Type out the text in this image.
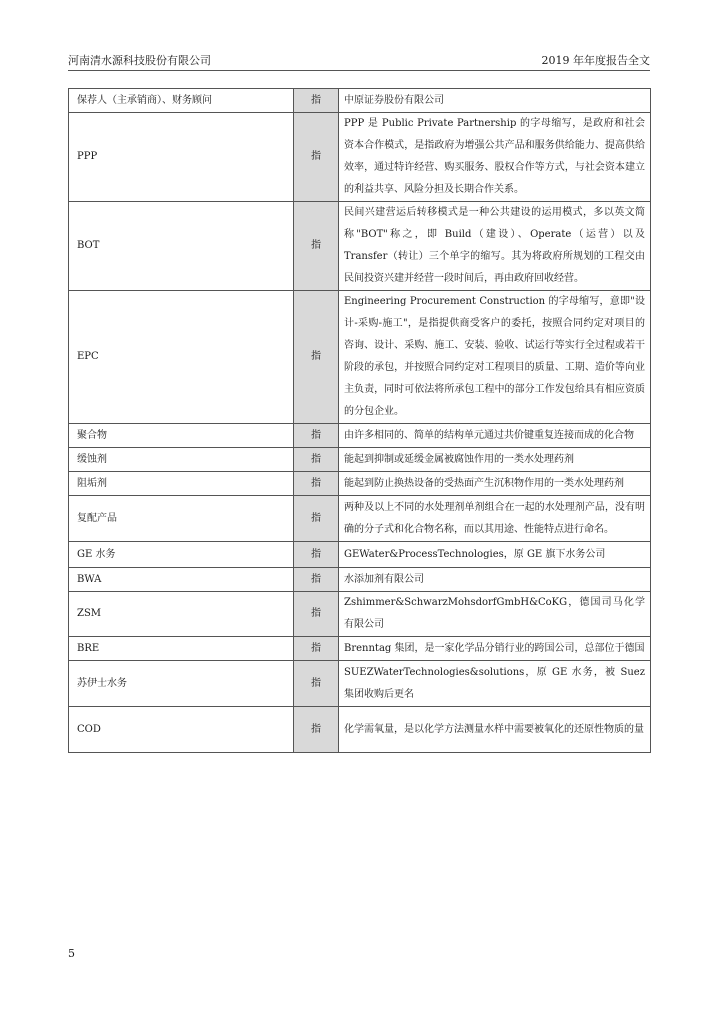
河南清水源科技股份有限公司	2019 年年度报告全文
保荐人（主承销商）、财务顾问	指	中原证券股份有限公司
PPP	指	PPP 是 Public Private Partnership 的字母缩写，是政府和社会资本合作模式，是指政府为增强公共产品和服务供给能力、提高供给效率，通过特许经营、购买服务、股权合作等方式，与社会资本建立的利益共享、风险分担及长期合作关系。
BOT	指	民间兴建营运后转移模式是一种公共建设的运用模式，多以英文简称"BOT"称之，即 Build（建设）、Operate（运营）以及 Transfer（转让）三个单字的缩写。其为将政府所规划的工程交由民间投资兴建并经营一段时间后，再由政府回收经营。
EPC	指	Engineering Procurement Construction 的字母缩写，意即"设计-采购-施工"，是指提供商受客户的委托，按照合同约定对项目的咨询、设计、采购、施工、安装、验收、试运行等实行全过程或若干阶段的承包，并按照合同约定对工程项目的质量、工期、造价等向业主负责，同时可依法将所承包工程中的部分工作发包给具有相应资质的分包企业。
聚合物	指	由许多相同的、简单的结构单元通过共价键重复连接而成的化合物
缓蚀剂	指	能起到抑制或延缓金属被腐蚀作用的一类水处理药剂
阻垢剂	指	能起到防止换热设备的受热面产生沉积物作用的一类水处理药剂
复配产品	指	两种及以上不同的水处理剂单剂组合在一起的水处理剂产品，没有明确的分子式和化合物名称，而以其用途、性能特点进行命名。
GE 水务	指	GEWater&ProcessTechnologies，原 GE 旗下水务公司
BWA	指	水添加剂有限公司
ZSM	指	Zshimmer&SchwarzMohsdorfGmbH&CoKG，德国司马化学有限公司
BRE	指	Brenntag 集团，是一家化学品分销行业的跨国公司，总部位于德国
苏伊士水务	指	SUEZWaterTechnologies&solutions，原 GE 水务，被 Suez 集团收购后更名
COD	指	化学需氧量，是以化学方法测量水样中需要被氧化的还原性物质的量
5
